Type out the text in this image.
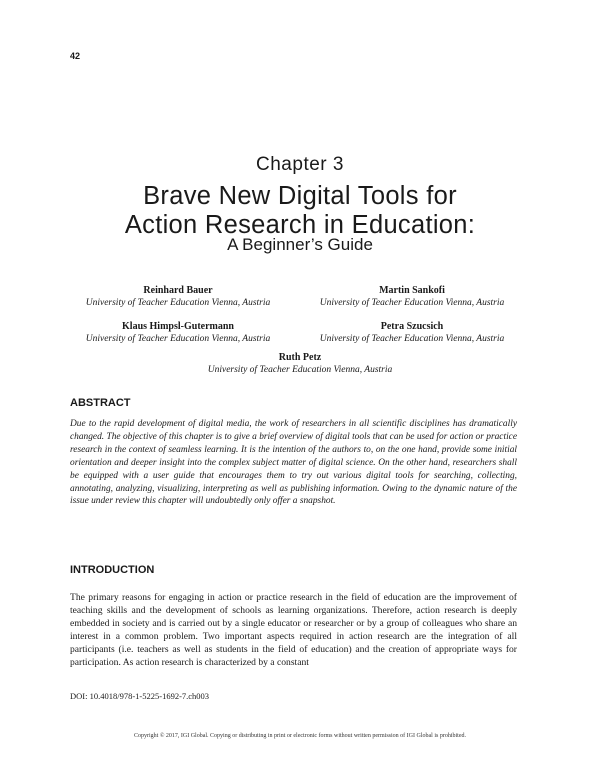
42
Chapter 3
Brave New Digital Tools for
Action Research in Education:
A Beginner’s Guide
Reinhard Bauer
University of Teacher Education Vienna, Austria
Martin Sankofi
University of Teacher Education Vienna, Austria
Klaus Himpsl-Gutermann
University of Teacher Education Vienna, Austria
Petra Szucsich
University of Teacher Education Vienna, Austria
Ruth Petz
University of Teacher Education Vienna, Austria
ABSTRACT
Due to the rapid development of digital media, the work of researchers in all scientific disciplines has dramatically changed. The objective of this chapter is to give a brief overview of digital tools that can be used for action or practice research in the context of seamless learning. It is the intention of the authors to, on the one hand, provide some initial orientation and deeper insight into the complex subject matter of digital science. On the other hand, researchers shall be equipped with a user guide that encourages them to try out various digital tools for searching, collecting, annotating, analyzing, visualizing, interpreting as well as publishing information. Owing to the dynamic nature of the issue under review this chapter will undoubtedly only offer a snapshot.
INTRODUCTION
The primary reasons for engaging in action or practice research in the field of education are the improvement of teaching skills and the development of schools as learning organizations. Therefore, action research is deeply embedded in society and is carried out by a single educator or researcher or by a group of colleagues who share an interest in a common problem. Two important aspects required in action research are the integration of all participants (i.e. teachers as well as students in the field of education) and the creation of appropriate ways for participation. As action research is characterized by a constant
DOI: 10.4018/978-1-5225-1692-7.ch003
Copyright © 2017, IGI Global. Copying or distributing in print or electronic forms without written permission of IGI Global is prohibited.
